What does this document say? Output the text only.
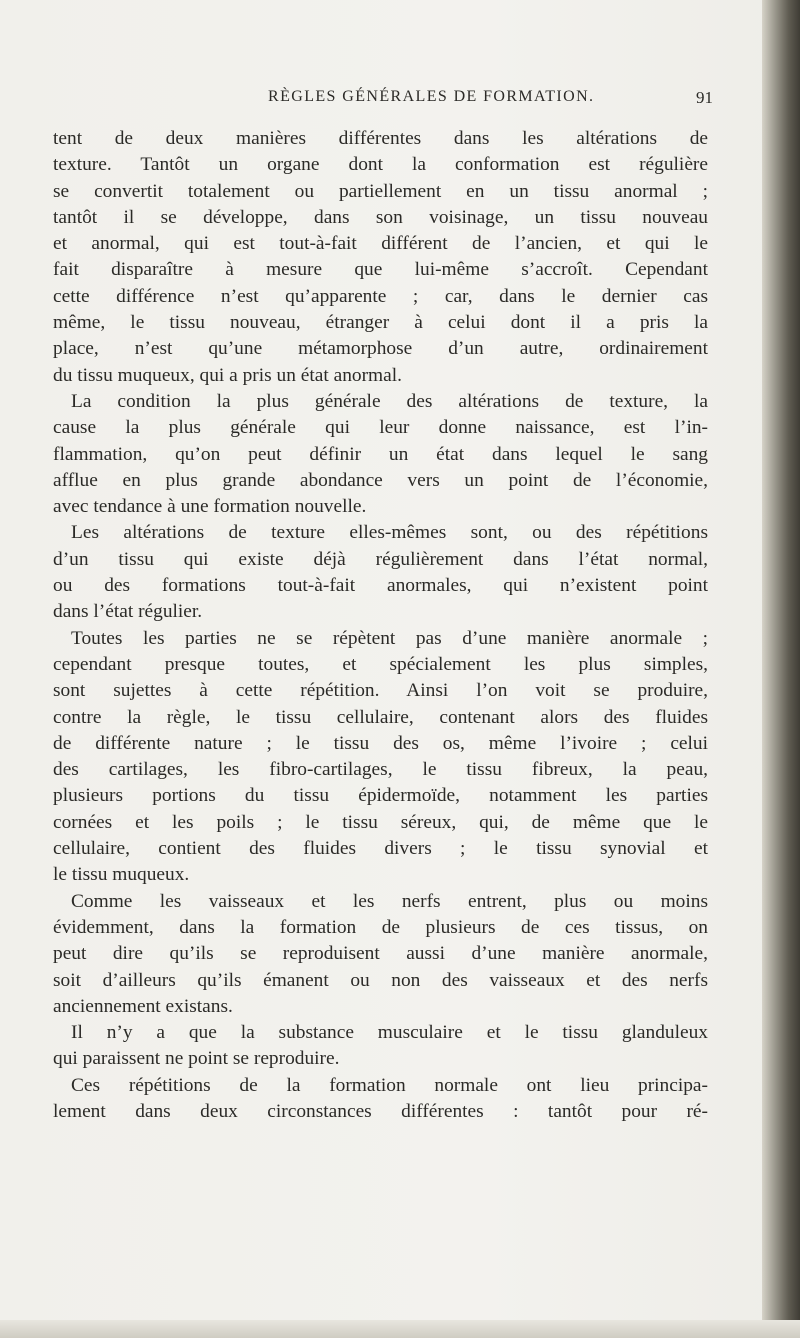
RÈGLES GÉNÉRALES DE FORMATION.	91
tent de deux manières différentes dans les altérations de
texture. Tantôt un organe dont la conformation est régulière
se convertit totalement ou partiellement en un tissu anormal ;
tantôt il se développe, dans son voisinage, un tissu nouveau
et anormal, qui est tout-à-fait différent de l’ancien, et qui le
fait disparaître à mesure que lui-même s’accroît. Cependant
cette différence n’est qu’apparente ; car, dans le dernier cas
même, le tissu nouveau, étranger à celui dont il a pris la
place, n’est qu’une métamorphose d’un autre, ordinairement
du tissu muqueux, qui a pris un état anormal.
La condition la plus générale des altérations de texture, la
cause la plus générale qui leur donne naissance, est l’in-
flammation, qu’on peut définir un état dans lequel le sang
afflue en plus grande abondance vers un point de l’économie,
avec tendance à une formation nouvelle.
Les altérations de texture elles-mêmes sont, ou des répétitions
d’un tissu qui existe déjà régulièrement dans l’état normal,
ou des formations tout-à-fait anormales, qui n’existent point
dans l’état régulier.
Toutes les parties ne se répètent pas d’une manière anormale ;
cependant presque toutes, et spécialement les plus simples,
sont sujettes à cette répétition. Ainsi l’on voit se produire,
contre la règle, le tissu cellulaire, contenant alors des fluides
de différente nature ; le tissu des os, même l’ivoire ; celui
des cartilages, les fibro-cartilages, le tissu fibreux, la peau,
plusieurs portions du tissu épidermoïde, notamment les parties
cornées et les poils ; le tissu séreux, qui, de même que le
cellulaire, contient des fluides divers ; le tissu synovial et
le tissu muqueux.
Comme les vaisseaux et les nerfs entrent, plus ou moins
évidemment, dans la formation de plusieurs de ces tissus, on
peut dire qu’ils se reproduisent aussi d’une manière anormale,
soit d’ailleurs qu’ils émanent ou non des vaisseaux et des nerfs
anciennement existans.
Il n’y a que la substance musculaire et le tissu glanduleux
qui paraissent ne point se reproduire.
Ces répétitions de la formation normale ont lieu principa-
lement dans deux circonstances différentes : tantôt pour ré-
